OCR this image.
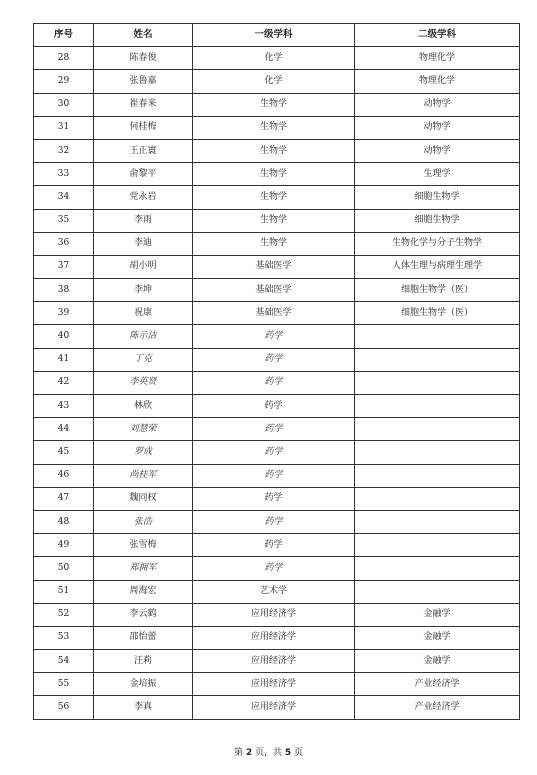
序号	姓名	一级学科	二级学科
28	陈春俊	化学	物理化学
29	张鲁嘉	化学	物理化学
30	崔春来	生物学	动物学
31	何桂梅	生物学	动物学
32	王正寰	生物学	动物学
33	俞黎平	生物学	生理学
34	党永岩	生物学	细胞生物学
35	李雨	生物学	细胞生物学
36	李迪	生物学	生物化学与分子生物学
37	胡小明	基础医学	人体生理与病理生理学
38	李坤	基础医学	细胞生物学（医）
39	祝康	基础医学	细胞生物学（医）
40	陈示洁	药学	
41	丁克	药学	
42	李英贤	药学	
43	林欣	药学	
44	刘慧荣	药学	
45	罗成	药学	
46	尚桂军	药学	
47	魏同权	药学	
48	张浩	药学	
49	张雪梅	药学	
50	郑拥军	药学	
51	周海宏	艺术学	
52	李云鹤	应用经济学	金融学
53	邵怡蕾	应用经济学	金融学
54	汪莉	应用经济学	金融学
55	金培振	应用经济学	产业经济学
56	李真	应用经济学	产业经济学
第 2 页，共 5 页
